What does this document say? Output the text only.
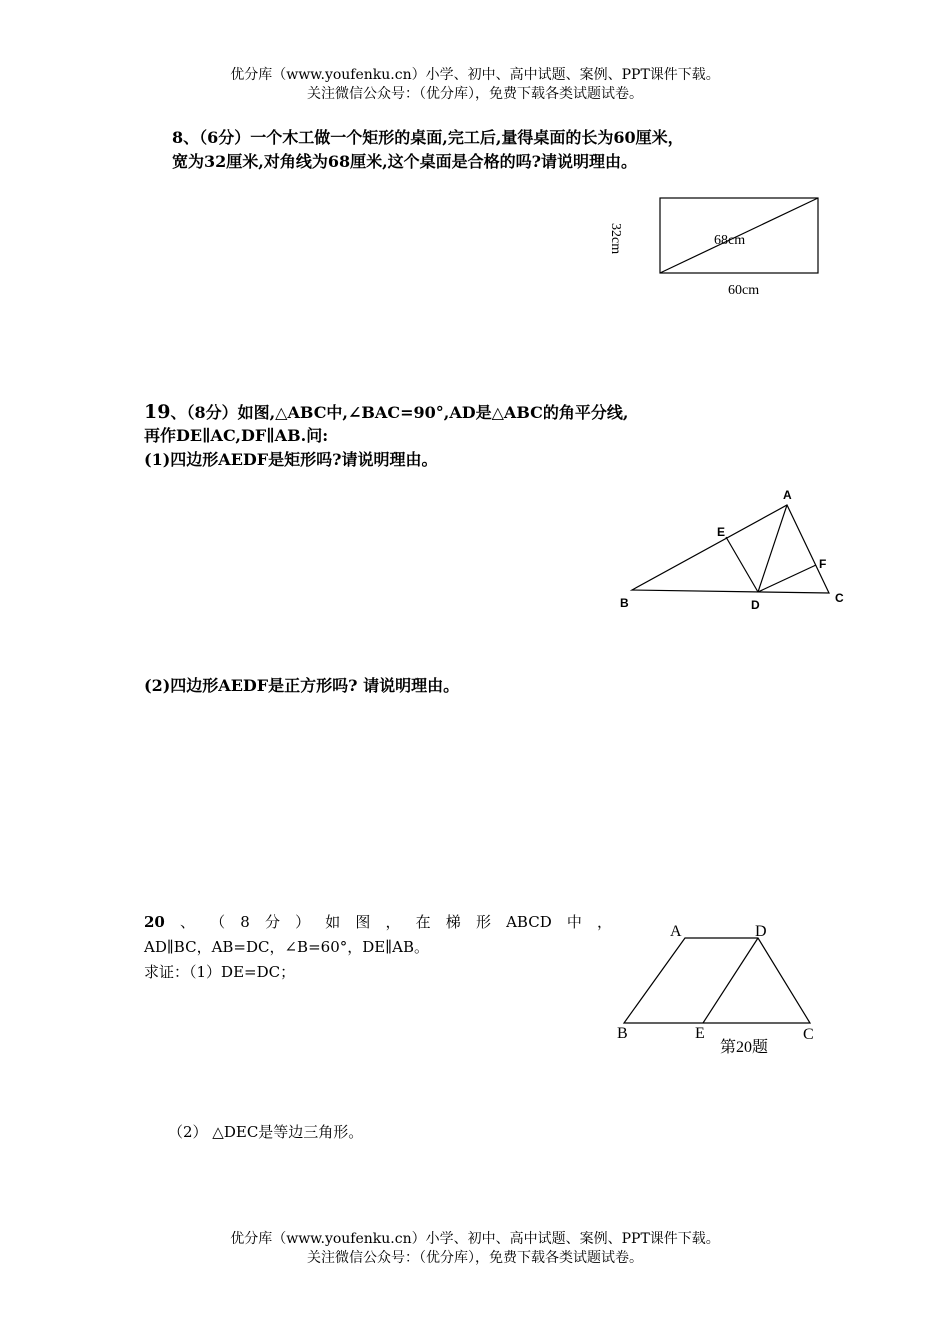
优分库（www.youfenku.cn）小学、初中、高中试题、案例、PPT课件下载。
关注微信公众号：（优分库），免费下载各类试题试卷。
8、（6分）一个木工做一个矩形的桌面,完工后,量得桌面的长为60厘米，
宽为32厘米,对角线为68厘米,这个桌面是合格的吗?请说明理由。
32cm	68cm
60cm
19、（8分）如图,△ABC中,∠BAC=90°,AD是△ABC的角平分线,
再作DE∥AC,DF∥AB.问:
(1)四边形AEDF是矩形吗?请说明理由。
A
E
F
B	D	C
(2)四边形AEDF是正方形吗? 请说明理由。
20 、 （ 8 分 ） 如 图 ， 在 梯 形 ABCD 中 ，
AD∥BC，AB=DC，∠B=60°，DE∥AB。
求证：（1）DE=DC；
A	D
B	E	C
第20题
（2） △DEC是等边三角形。
优分库（www.youfenku.cn）小学、初中、高中试题、案例、PPT课件下载。
关注微信公众号：（优分库），免费下载各类试题试卷。
